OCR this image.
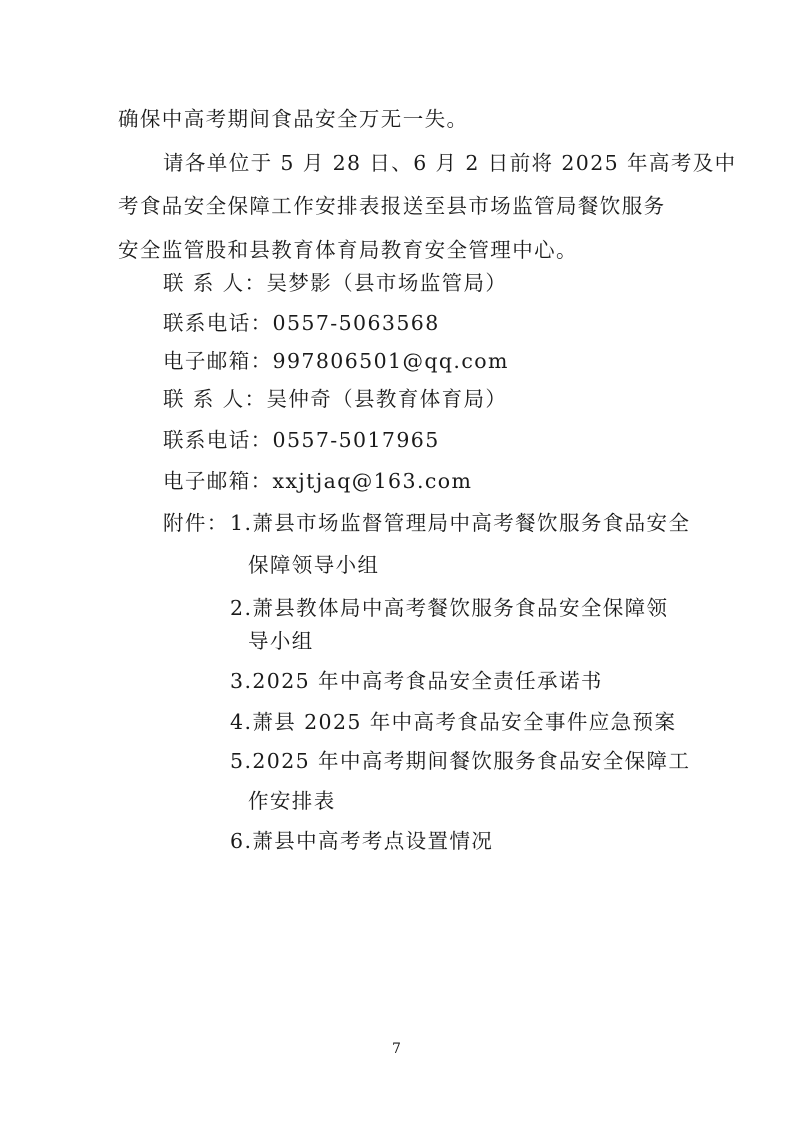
确保中高考期间食品安全万无一失。
请各单位于 5 月 28 日、6 月 2 日前将 2025 年高考及中
考食品安全保障工作安排表报送至县市场监管局餐饮服务
安全监管股和县教育体育局教育安全管理中心。
联 系 人：吴梦影（县市场监管局）
联系电话：0557-5063568
电子邮箱：997806501@qq.com
联 系 人：吴仲奇（县教育体育局）
联系电话：0557-5017965
电子邮箱：xxjtjaq@163.com
附件： 1.萧县市场监督管理局中高考餐饮服务食品安全
保障领导小组
2.萧县教体局中高考餐饮服务食品安全保障领
导小组
3.2025 年中高考食品安全责任承诺书
4.萧县 2025 年中高考食品安全事件应急预案
5.2025 年中高考期间餐饮服务食品安全保障工
作安排表
6.萧县中高考考点设置情况
7
